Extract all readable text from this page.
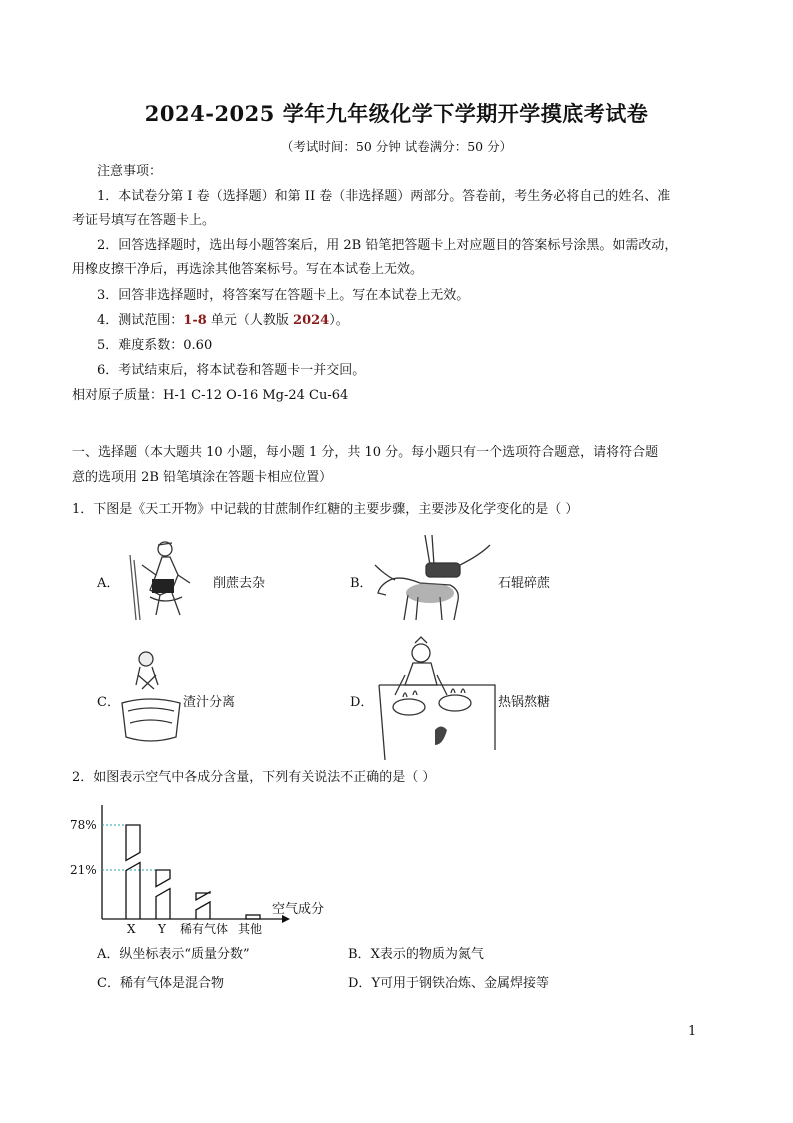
2024-2025 学年九年级化学下学期开学摸底考试卷
（考试时间：50 分钟 试卷满分：50 分）
注意事项：
1．本试卷分第 I 卷（选择题）和第 II 卷（非选择题）两部分。答卷前，考生务必将自己的姓名、准
考证号填写在答题卡上。
2．回答选择题时，选出每小题答案后，用 2B 铅笔把答题卡上对应题目的答案标号涂黑。如需改动，
用橡皮擦干净后，再选涂其他答案标号。写在本试卷上无效。
3．回答非选择题时，将答案写在答题卡上。写在本试卷上无效。
4．测试范围：1-8 单元（人教版 2024）。
5．难度系数：0.60
6．考试结束后，将本试卷和答题卡一并交回。
相对原子质量：H-1 C-12 O-16 Mg-24 Cu-64
一、选择题（本大题共 10 小题，每小题 1 分，共 10 分。每小题只有一个选项符合题意，请将符合题
意的选项用 2B 铅笔填涂在答题卡相应位置）
1．下图是《天工开物》中记载的甘蔗制作红糖的主要步骤，主要涉及化学变化的是（ ）
A．	削蔗去杂	B．	石辊碎蔗
C．	渣汁分离	D．	热锅熬糖
2．如图表示空气中各成分含量，下列有关说法不正确的是（ ）
78%
21%
X Y 稀有气体 其他
空气成分
A．纵坐标表示“质量分数”	B．X表示的物质为氮气
C．稀有气体是混合物	D．Y可用于钢铁冶炼、金属焊接等
1
